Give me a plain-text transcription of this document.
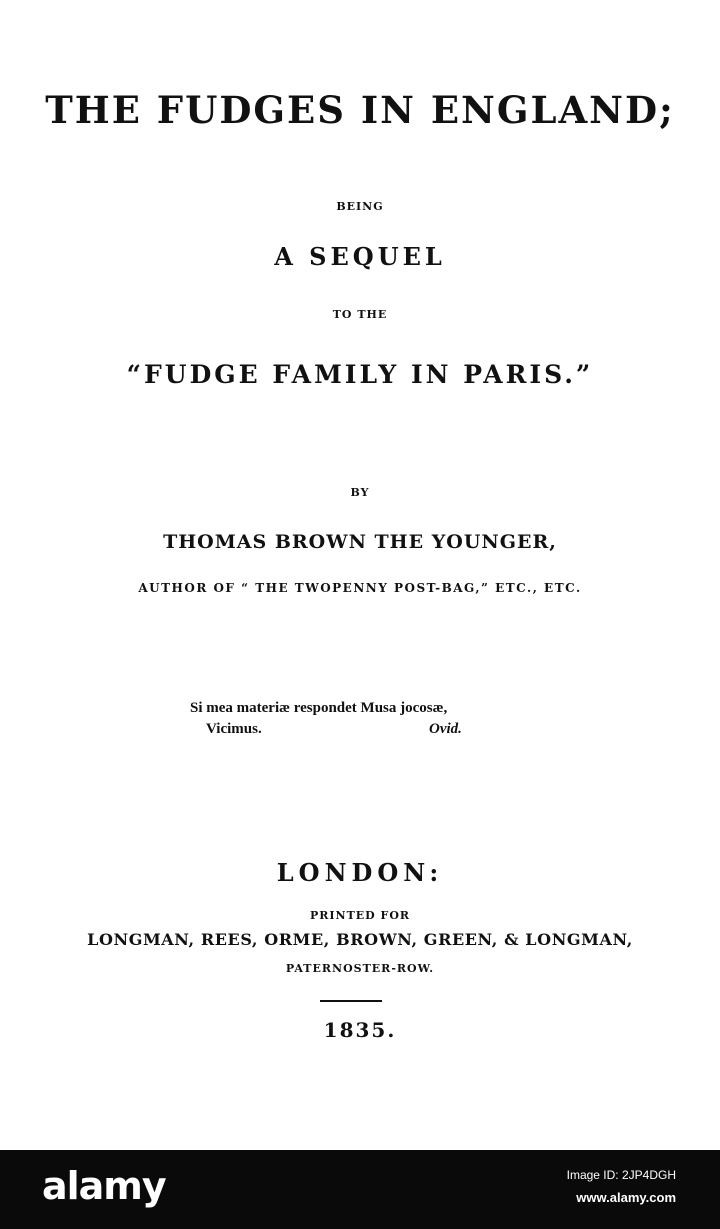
THE FUDGES IN ENGLAND;
BEING
A SEQUEL
TO THE
“FUDGE FAMILY IN PARIS.”
BY
THOMAS BROWN THE YOUNGER,
AUTHOR OF “ THE TWOPENNY POST-BAG,” ETC., ETC.
Si mea materiæ respondet Musa jocosæ,
Vicimus.	Ovid.
LONDON:
PRINTED FOR
LONGMAN, REES, ORME, BROWN, GREEN, & LONGMAN,
PATERNOSTER-ROW.
1835.
alamy	Image ID: 2JP4DGH
www.alamy.com
